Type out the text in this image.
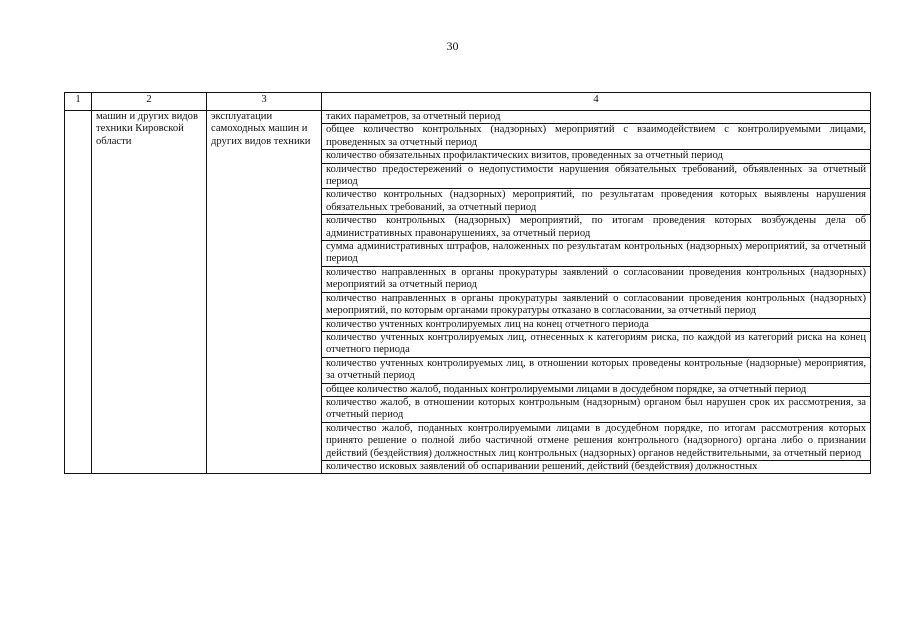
30
1	2	3	4
	машин и других видов техники Кировской области	эксплуатации самоходных машин и других видов техники	таких параметров, за отчетный период
			общее количество контрольных (надзорных) мероприятий с взаимодействием с контролируемыми лицами, проведенных за отчетный период
			количество обязательных профилактических визитов, проведенных за отчетный период
			количество предостережений о недопустимости нарушения обязательных требований, объявленных за отчетный период
			количество контрольных (надзорных) мероприятий, по результатам проведения которых выявлены нарушения обязательных требований, за отчетный период
			количество контрольных (надзорных) мероприятий, по итогам проведения которых возбуждены дела об административных правонарушениях, за отчетный период
			сумма административных штрафов, наложенных по результатам контрольных (надзорных) мероприятий, за отчетный период
			количество направленных в органы прокуратуры заявлений о согласовании проведения контрольных (надзорных) мероприятий за отчетный период
			количество направленных в органы прокуратуры заявлений о согласовании проведения контрольных (надзорных) мероприятий, по которым органами прокуратуры отказано в согласовании, за отчетный период
			количество учтенных контролируемых лиц на конец отчетного периода
			количество учтенных контролируемых лиц, отнесенных к категориям риска, по каждой из категорий риска на конец отчетного периода
			количество учтенных контролируемых лиц, в отношении которых проведены контрольные (надзорные) мероприятия, за отчетный период
			общее количество жалоб, поданных контролируемыми лицами в досудебном порядке, за отчетный период
			количество жалоб, в отношении которых контрольным (надзорным) органом был нарушен срок их рассмотрения, за отчетный период
			количество жалоб, поданных контролируемыми лицами в досудебном порядке, по итогам рассмотрения которых принято решение о полной либо частичной отмене решения контрольного (надзорного) органа либо о признании действий (бездействия) должностных лиц контрольных (надзорных) органов недействительными, за отчетный период
			количество исковых заявлений об оспаривании решений, действий (бездействия) должностных
